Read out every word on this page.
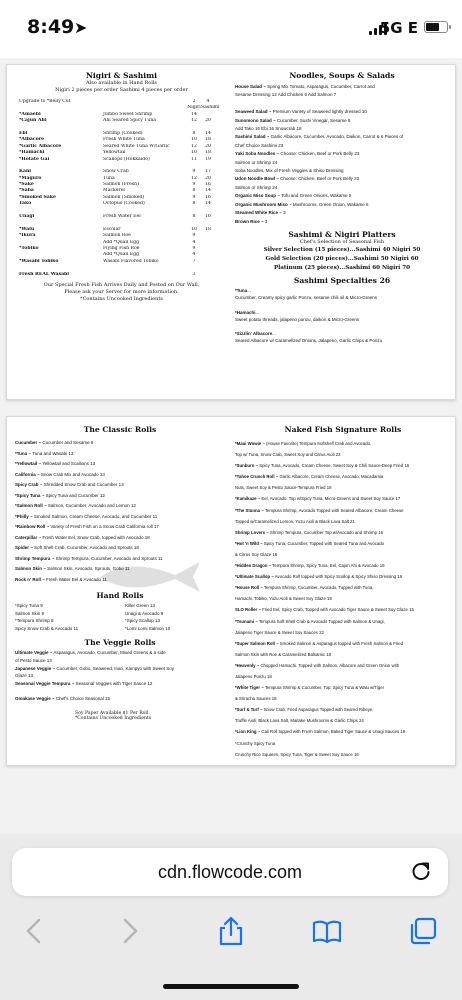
8:49 ➤	5G E
Nigiri & Sashimi
Also available in Hand Rolls
Nigiri 2 pieces per order Sashimi 4 pieces per order
Upgrade to *Belly Cut	2	4
Nigiri Sashimi
*Amaebi	Jumbo Sweet Shrimp	14
*Cajun Ahi	Ahi Seared Spicy Tuna	12	20
Ebi	Shrimp (Cooked)	8	14
*Albacore	Fresh White Tuna	10	18
*Garlic Albacore	Seared White Tuna W/Garlic	12	20
*Hamachi	Yellowtail	10	18
*Hotate Gai	Scallops (Hokkaido)	11	19
Kani	Snow Crab	9	17
*Maguro	Tuna	12	20
*Sake	Salmon (Fresh)	9	16
*Saba	Mackerel	8	14
*Smoked Sake	Salmon (Smoked)	9	16
Tako	Octopus (Cooked)	8	14
Unagi	Fresh Water Eel	8	16
*Walu	Escolar	10	18
*Ikura	Salmon Roe	9
Add *Quail Egg	4
*Tobiko	Flying Fish Roe	9
Add *Quail Egg	4
*Wasabi Tobiko	Wasabi Flavored Tobiko	7
Fresh REAL Wasabi	3
Our Special Fresh Fish Arrives Daily and Posted on Our Wall.
Please ask your Server for more information.
*Contains Uncooked Ingredients
Noodles, Soups & Salads
House Salad ~ Spring Mix Tomato, Asparagus, Cucumber, Carrot and
Sesame Dressing 12 Add Chicken 6 Add Salmon 7

Seaweed Salad ~ Premium Variety of Seaweed lightly dressed 10
Sunomono Salad ~ Cucumber, Sushi Vinegar, Sesame 9
Add Tako 16 Ebi 16 Snowcrab 18
Sashimi Salad ~ Garlic Albacore, Cucumber, Avocado, Daikon, Carrot & 6 Pieces of
Chef Choice Sashimi 23
Yaki Soba Noodles ~ Choose: Chicken, Beef or Pork Belly 23
Salmon or Shrimp 24
Soba Noodles, Mix of Fresh Veggies & Shiso Dressing
Udon Noodle Bowl ~ Choose: Chicken, Beef or Pork Belly 23
Salmon or Shrimp 24
Organic Miso Soup ~ Tofu and Green Onions, Wakame 5
Organic Mushroom Miso ~ Mushrooms, Green Onion, Wakame 6
Steamed White Rice ~ 3
Brown Rice ~ 3
Sashimi & Nigiri Platters
Chef's Selection of Seasonal Fish
Silver Selection (15 pieces)...Sashimi 40 Nigiri 50
Gold Selection (20 pieces)...Sashimi 50 Nigiri 60
Platinum (25 pieces)...Sashimi 60 Nigiri 70
Sashimi Specialties 26
*Tuna...
Cucumber, Creamy spicy garlic Ponzu, sesame chili oil & Micro-Greens

*Hamachi...
Sweet potato threads, jalapeno ponzu, daikon & Micro-Greens

*Sizzlin' Albacore...
Seared Albacore w/ Caramelized Onions, Jalapeno, Garlic Chips & Ponzu
The Classic Rolls
Cucumber ~ Cucumber and Sesame 6
*Tuna ~ Tuna and Wasabi 13
*Yellowtail ~ Yellowtail and Scallions 13
California ~ Snow Crab Mix and Avocado 13
Spicy Crab ~ Shredded Snow Crab and Cucumber 13
*Spicy Tuna ~ Spicy Tuna and Cucumber 12
*Salmon Roll ~ Salmon, Cucumber, Avocado and Lemon 12
*Philly ~ Smoked Salmon, Cream Cheese, Avocado, and Cucumber 11
*Rainbow Roll ~ Variety of Fresh Fish on a Snow Crab California roll 17
Caterpillar ~ Fresh Water Eel, Snow Crab, topped with Avocado 18
Spider ~ Soft Shell Crab, Cucumber, Avocado and Sprouts 18
Shrimp Tempura ~ Shrimp Tempura, Cucumber, Avocado and Sprouts 11
Salmon Skin ~ Salmon Skin, Avocado, Sprouts, Gobo 11
Rock n' Roll ~ Fresh Water Eel & Avocado 11
Hand Rolls
*Spicy Tuna 9
Salmon Skin 9
*Tempura Shrimp 8
Spicy Snow Crab & Avocado 11
Killer Green 13
Unagi & Avocado 9
*Spicy Scallop 13
*Lomi Lomi Salmon 10
The Veggie Rolls
Ultimate Veggie ~ Asparagus, Avocado, Cucumber, Mixed Greens & a side
of Pesto Sauce 13
Japanese Veggie ~ Cucumber, Gobo, Seaweed, Inari, Kampyo with Sweet Soy
Glaze 13
Seasonal Veggie Tempura ~ Seasonal Veggies with Tiger Sauce 12

Omakase Veggie ~ Chef's Choice Seasonal 15
Soy Paper Available $1 Per Roll
*Contains Uncooked Ingredients
Naked Fish Signature Rolls
*Maui Wowie ~ (House Favorite) Tempura Softshell Crab and Avocado,
Top w/ Tuna, Snow Crab, Sweet Soy and Citrus Aioli 23
*Sunburn ~ Spicy Tuna, Avocado, Cream Cheese, Sweet Soy & Chili Sauce-Deep Fried 16
*Tahoe Crunch Roll ~ Garlic Albacore, Cream Cheese, Avocado, Macadamia
Nuts, Sweet Soy & Pesto Sauce-Tempura Fried 19
*Kamikaze ~ Eel, Avocado. Top w/Spicy Tuna, Micro-Greens and Sweet Soy Sauce 17
*The Stunna ~ Tempura Shrimp, Avocado Topped with Seared Albacore, Cream Cheese
Topped w/Caramelized Lemon, Yuzu Aioli & Black Lava Salt 21
Shrimp Lovers ~ Shrimp Tempura, Cucumber Top w/Avocado and Shrimp 16
*Hot 'n Wild ~ Spicy Tuna, Cucumber, Topped with Seared Tuna and Avocado
& Citrus Soy Glaze 18
*Hidden Dragon ~ Tempura Shrimp, Spicy Tuna, Eel, Cajun Ahi & Avocado 19
*Ultimate Scallop ~ Avocado Roll topped with Spicy Scallop & Spicy Shiso Dressing 19
*House Roll ~ Tempura Shrimp, Cucumber, Avocado, Topped with Tuna,
Hamachi, Tobiko, Yuzu Aioli & Sweet Soy Glaze 19
SLO Roller ~ Fried Eel, Spicy Crab, Topped with Avocado Tiger Sauce & Sweet Soy Glaze 16
*Tsunami ~ Tempura Soft Shell Crab & Avocado Topped with Salmon & Unagi,
Jalapeno Tiger Sauce & Sweet Soy Sauces 22
*Super Salmon Roll ~ Smoked Salmon & Asparagus topped with Fresh Salmon & Fried
Salmon Skin with Roe & Caramelized Balsamic 18
*Heavenly ~ Chopped Hamachi. Topped with Salmon, Albacore and Green Onion with
Jalapeno Ponzu 18
*White Tiger ~ Tempura Shrimp & Cucumber. Top: Spicy Tuna & Walu w/Tiger
& Sriracha Sauces 18
*Surf & Turf ~ Snow Crab, Fried Asparagus Topped with Seared Ribeye,
Truffle Aioli, Black Lava Salt, Maitake Mushrooms & Garlic Chips 24
*Lion King ~ Cali Roll topped with Fresh Salmon, Baked Tiger Sauce & Unagi Sauces 19
*Crunchy Spicy Tuna
Crunchy Rice Squares, Spicy Tuna, Tiger & Sweet Soy Sauce 16
cdn.flowcode.com
